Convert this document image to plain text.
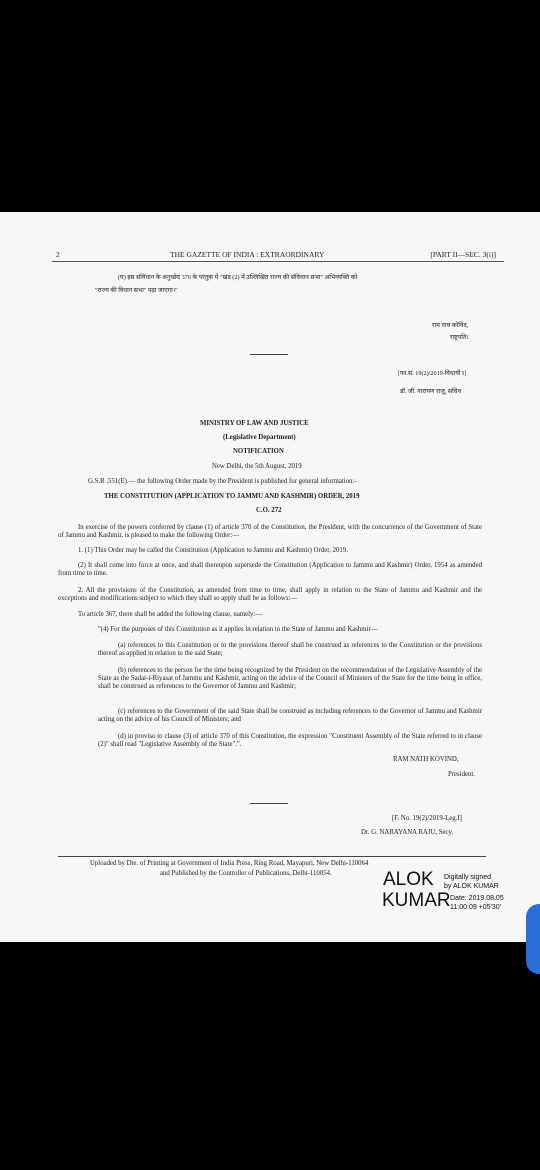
2	THE GAZETTE OF INDIA : EXTRAORDINARY	[PART II—SEC. 3(i)]
(घ) इस संविधान के अनुच्छेद 370 के परंतुक में "खंड (2) में उल्लिखित राज्य की संविधान सभा" अभिव्यक्ति को
"राज्य की विधान सभा" पढ़ा जाएगा।"
राम नाथ कोविंद,
राष्ट्रपति।
[फा.सं. 19(2)/2019-विधायी I]
डॉ. जी. नारायण राजू, सचिव
MINISTRY OF LAW AND JUSTICE
(Legislative Department)
NOTIFICATION
New Delhi, the 5th August, 2019
G.S.R .551(E).— the following Order made by the President is published for general information:-
THE CONSTITUTION (APPLICATION TO JAMMU AND KASHMIR) ORDER, 2019
C.O. 272
In exercise of the powers conferred by clause (1) of article 370 of the Constitution, the President, with the concurrence of the Government of State of Jammu and Kashmir, is pleased to make the following Order:—
1. (1) This Order may be called the Constitution (Application to Jammu and Kashmir) Order, 2019.
(2) It shall come into force at once, and shall thereupon supersede the Constitution (Application to Jammu and Kashmir) Order, 1954 as amended from time to time.
2. All the provisions of the Constitution, as amended from time to time, shall apply in relation to the State of Jammu and Kashmir and the exceptions and modifications subject to which they shall so apply shall be as follows:—
To article 367, there shall be added the following clause, namely:—
"(4) For the purposes of this Constitution as it applies in relation to the State of Jammu and Kashmir—
(a) references to this Constitution or to the provisions thereof shall be construed as references to the Constitution or the provisions thereof as applied in relation to the said State;
(b) references to the person for the time being recognized by the President on the recommendation of the Legislative Assembly of the State as the Sadar-i-Riyasat of Jammu and Kashmir, acting on the advice of the Council of Ministers of the State for the time being in office, shall be construed as references to the Governor of Jammu and Kashmir;
(c) references to the Government of the said State shall be construed as including references to the Governor of Jammu and Kashmir acting on the advice of his Council of Ministers; and
(d) in proviso to clause (3) of article 370 of this Constitution, the expression "Constituent Assembly of the State referred to in clause (2)" shall read "Legislative Assembly of the State".".
RAM NATH KOVIND,
President.
[F. No. 19(2)/2019-Leg.I]
Dr. G. NARAYANA RAJU, Secy.
Uploaded by Dte. of Printing at Government of India Press, Ring Road, Mayapuri, New Delhi-110064
and Published by the Controller of Publications, Delhi-110054.	ALOK
KUMAR
Digitally signed
by ALOK KUMAR
Date: 2019.08.05
11:00:09 +05'30'
